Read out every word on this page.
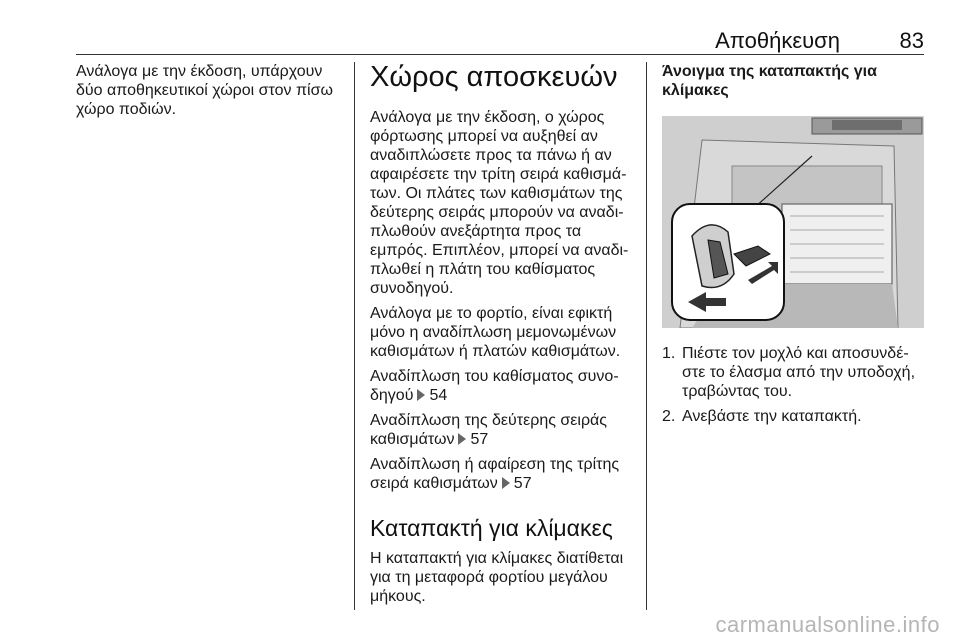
Αποθήκευση	83

Ανάλογα με την έκδοση, υπάρχουν
δύο αποθηκευτικοί χώροι στον πίσω
χώρο ποδιών.

Χώρος αποσκευών

Ανάλογα με την έκδοση, ο χώρος
φόρτωσης μπορεί να αυξηθεί αν
αναδιπλώσετε προς τα πάνω ή αν
αφαιρέσετε την τρίτη σειρά καθισμά-
των. Οι πλάτες των καθισμάτων της
δεύτερης σειράς μπορούν να αναδι-
πλωθούν ανεξάρτητα προς τα
εμπρός. Επιπλέον, μπορεί να αναδι-
πλωθεί η πλάτη του καθίσματος
συνοδηγού.

Ανάλογα με το φορτίο, είναι εφικτή
μόνο η αναδίπλωση μεμονωμένων
καθισμάτων ή πλατών καθισμάτων.

Αναδίπλωση του καθίσματος συνο-
δηγού 54

Αναδίπλωση της δεύτερης σειράς
καθισμάτων 57

Αναδίπλωση ή αφαίρεση της τρίτης
σειρά καθισμάτων 57

Καταπακτή για κλίμακες

Η καταπακτή για κλίμακες διατίθεται
για τη μεταφορά φορτίου μεγάλου
μήκους.

Άνοιγμα της καταπακτής για
κλίμακες
1. Πιέστε τον μοχλό και αποσυνδέ-
στε το έλασμα από την υποδοχή,
τραβώντας του.
2. Ανεβάστε την καταπακτή.
carmanualsonline.info
